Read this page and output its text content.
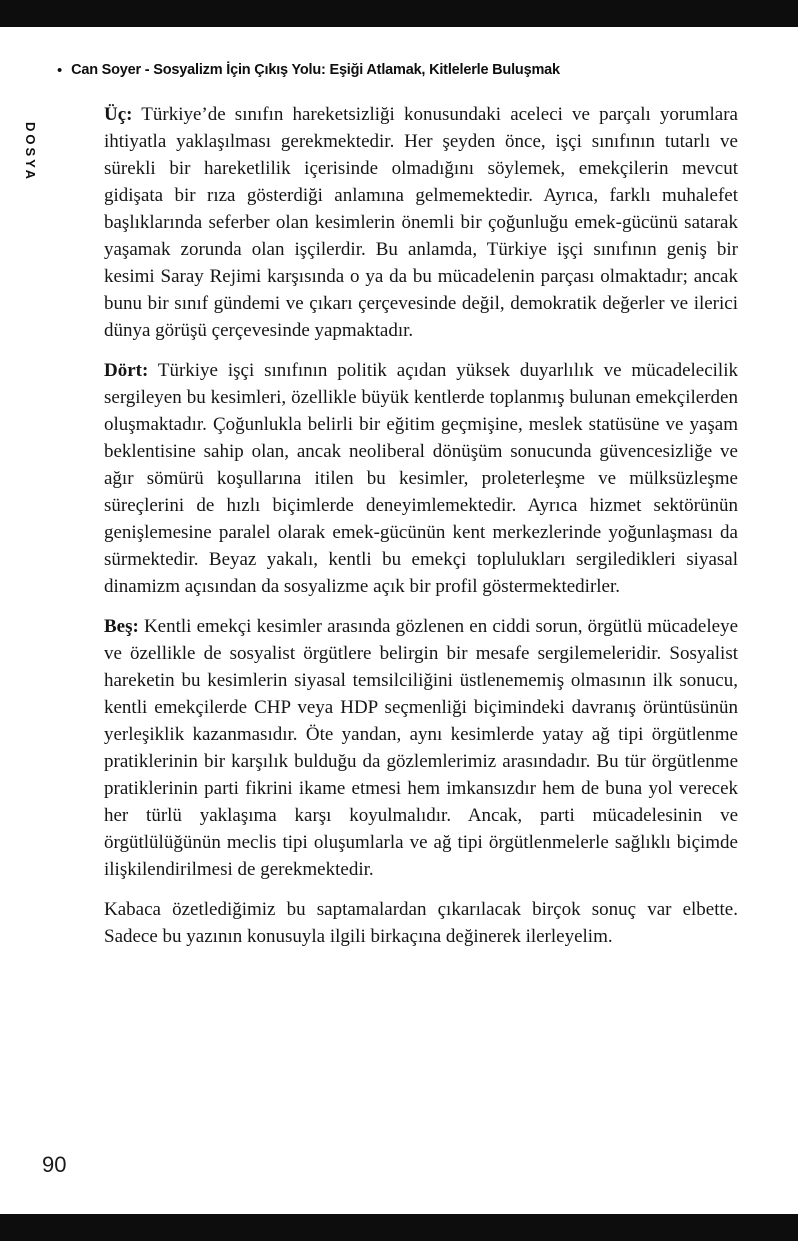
• Can Soyer - Sosyalizm İçin Çıkış Yolu: Eşiği Atlamak, Kitlelerle Buluşmak
DOSYA

Üç: Türkiye’de sınıfın hareketsizliği konusundaki aceleci ve parçalı yorumlara ihtiyatla yaklaşılması gerekmektedir. Her şeyden önce, işçi sınıfının tutarlı ve sürekli bir hareketlilik içerisinde olmadığını söylemek, emekçilerin mevcut gidişata bir rıza gösterdiği anlamına gelmemektedir. Ayrıca, farklı muhalefet başlıklarında seferber olan kesimlerin önemli bir çoğunluğu emek-gücünü satarak yaşamak zorunda olan işçilerdir. Bu anlamda, Türkiye işçi sınıfının geniş bir kesimi Saray Rejimi karşısında o ya da bu mücadelenin parçası olmaktadır; ancak bunu bir sınıf gündemi ve çıkarı çerçevesinde değil, demokratik değerler ve ilerici dünya görüşü çerçevesinde yapmaktadır.

Dört: Türkiye işçi sınıfının politik açıdan yüksek duyarlılık ve mücadelecilik sergileyen bu kesimleri, özellikle büyük kentlerde toplanmış bulunan emekçilerden oluşmaktadır. Çoğunlukla belirli bir eğitim geçmişine, meslek statüsüne ve yaşam beklentisine sahip olan, ancak neoliberal dönüşüm sonucunda güvencesizliğe ve ağır sömürü koşullarına itilen bu kesimler, proleterleşme ve mülksüzleşme süreçlerini de hızlı biçimlerde deneyimlemektedir. Ayrıca hizmet sektörünün genişlemesine paralel olarak emek-gücünün kent merkezlerinde yoğunlaşması da sürmektedir. Beyaz yakalı, kentli bu emekçi toplulukları sergiledikleri siyasal dinamizm açısından da sosyalizme açık bir profil göstermektedirler.

Beş: Kentli emekçi kesimler arasında gözlenen en ciddi sorun, örgütlü mücadeleye ve özellikle de sosyalist örgütlere belirgin bir mesafe sergilemeleridir. Sosyalist hareketin bu kesimlerin siyasal temsilciliğini üstlenememiş olmasının ilk sonucu, kentli emekçilerde CHP veya HDP seçmenliği biçimindeki davranış örüntüsünün yerleşiklik kazanmasıdır. Öte yandan, aynı kesimlerde yatay ağ tipi örgütlenme pratiklerinin bir karşılık bulduğu da gözlemlerimiz arasındadır. Bu tür örgütlenme pratiklerinin parti fikrini ikame etmesi hem imkansızdır hem de buna yol verecek her türlü yaklaşıma karşı koyulmalıdır. Ancak, parti mücadelesinin ve örgütlülüğünün meclis tipi oluşumlarla ve ağ tipi örgütlenmelerle sağlıklı biçimde ilişkilendirilmesi de gerekmektedir.

Kabaca özetlediğimiz bu saptamalardan çıkarılacak birçok sonuç var elbette. Sadece bu yazının konusuyla ilgili birkaçına değinerek ilerleyelim.

90
